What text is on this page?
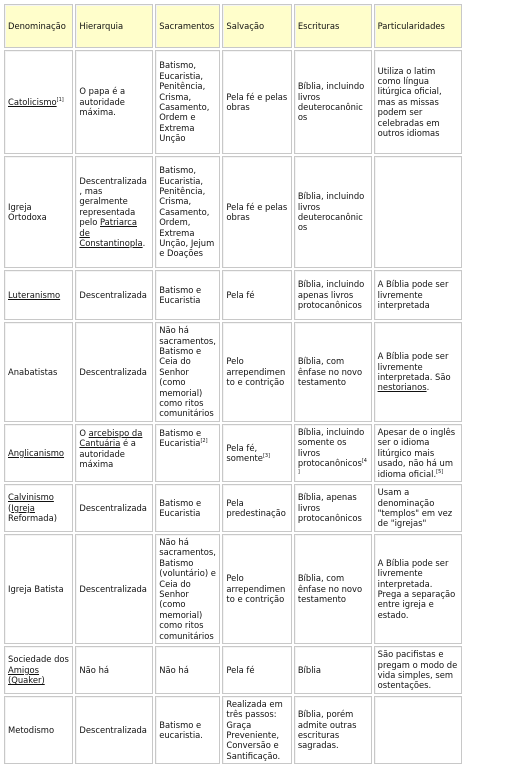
Denominação	Hierarquia	Sacramentos	Salvação	Escrituras	Particularidades
Catolicismo[1]	O papa é a autoridade máxima.	Batismo, Eucaristia, Penitência, Crisma, Casamento, Ordem e Extrema Unção	Pela fé e pelas obras	Bíblia, incluindo livros deuterocanônicos	Utiliza o latim como língua litúrgica oficial, mas as missas podem ser celebradas em outros idiomas
Igreja Ortodoxa	Descentralizada, mas geralmente representada pelo Patriarca de Constantinopla.	Batismo, Eucaristia, Penitência, Crisma, Casamento, Ordem, Extrema Unção, Jejum e Doações	Pela fé e pelas obras	Bíblia, incluindo livros deuterocanônicos	
Luteranismo	Descentralizada	Batismo e Eucaristia	Pela fé	Bíblia, incluindo apenas livros protocanônicos	A Bíblia pode ser livremente interpretada
Anabatistas	Descentralizada	Não há sacramentos, Batismo e Ceia do Senhor (como memorial) como ritos comunitários	Pelo arrependimento e contrição	Bíblia, com ênfase no novo testamento	A Bíblia pode ser livremente interpretada. São nestorianos.
Anglicanismo	O arcebispo da Cantuária é a autoridade máxima	Batismo e Eucaristia[2]	Pela fé, somente[3]	Bíblia, incluindo somente os livros protocanônicos[4]	Apesar de o inglês ser o idioma litúrgico mais usado, não há um idioma oficial.[5]
Calvinismo (Igreja Reformada)	Descentralizada	Batismo e Eucaristia	Pela predestinação	Bíblia, apenas livros protocanônicos	Usam a denominação "templos" em vez de "igrejas"
Igreja Batista	Descentralizada	Não há sacramentos, Batismo (voluntário) e Ceia do Senhor (como memorial) como ritos comunitários	Pelo arrependimento e contrição	Bíblia, com ênfase no novo testamento	A Bíblia pode ser livremente interpretada. Prega a separação entre igreja e estado.
Sociedade dos Amigos (Quaker)	Não há	Não há	Pela fé	Bíblia	São pacifistas e pregam o modo de vida simples, sem ostentações.
Metodismo	Descentralizada	Batismo e eucaristia.	Realizada em três passos: Graça Preveniente, Conversão e Santificação.	Bíblia, porém admite outras escrituras sagradas.	
